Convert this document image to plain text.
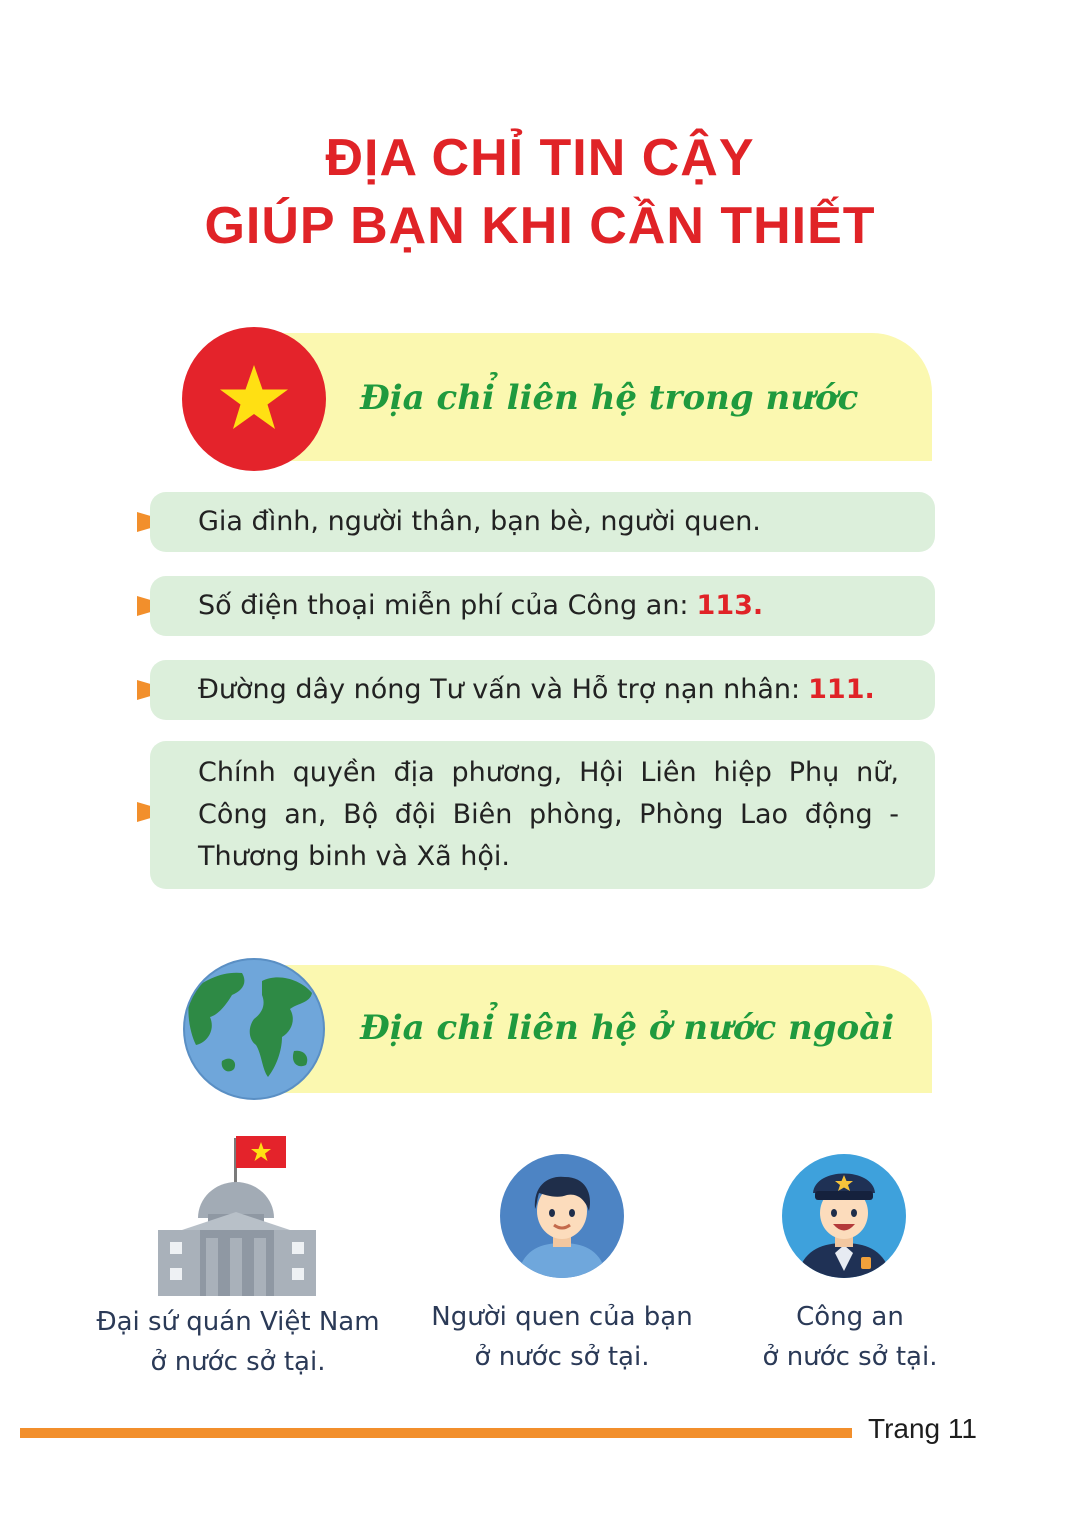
ĐỊA CHỈ TIN CẬY
GIÚP BẠN KHI CẦN THIẾT
Địa chỉ liên hệ trong nước
Gia đình, người thân, bạn bè, người quen.
Số điện thoại miễn phí của Công an: 113.
Đường dây nóng Tư vấn và Hỗ trợ nạn nhân: 111.
Chính quyền địa phương, Hội Liên hiệp Phụ nữ, Công an, Bộ đội Biên phòng, Phòng Lao động - Thương binh và Xã hội.
Địa chỉ liên hệ ở nước ngoài
Đại sứ quán Việt Nam
ở nước sở tại.
Người quen của bạn
ở nước sở tại.
Công an
ở nước sở tại.
Trang 11
